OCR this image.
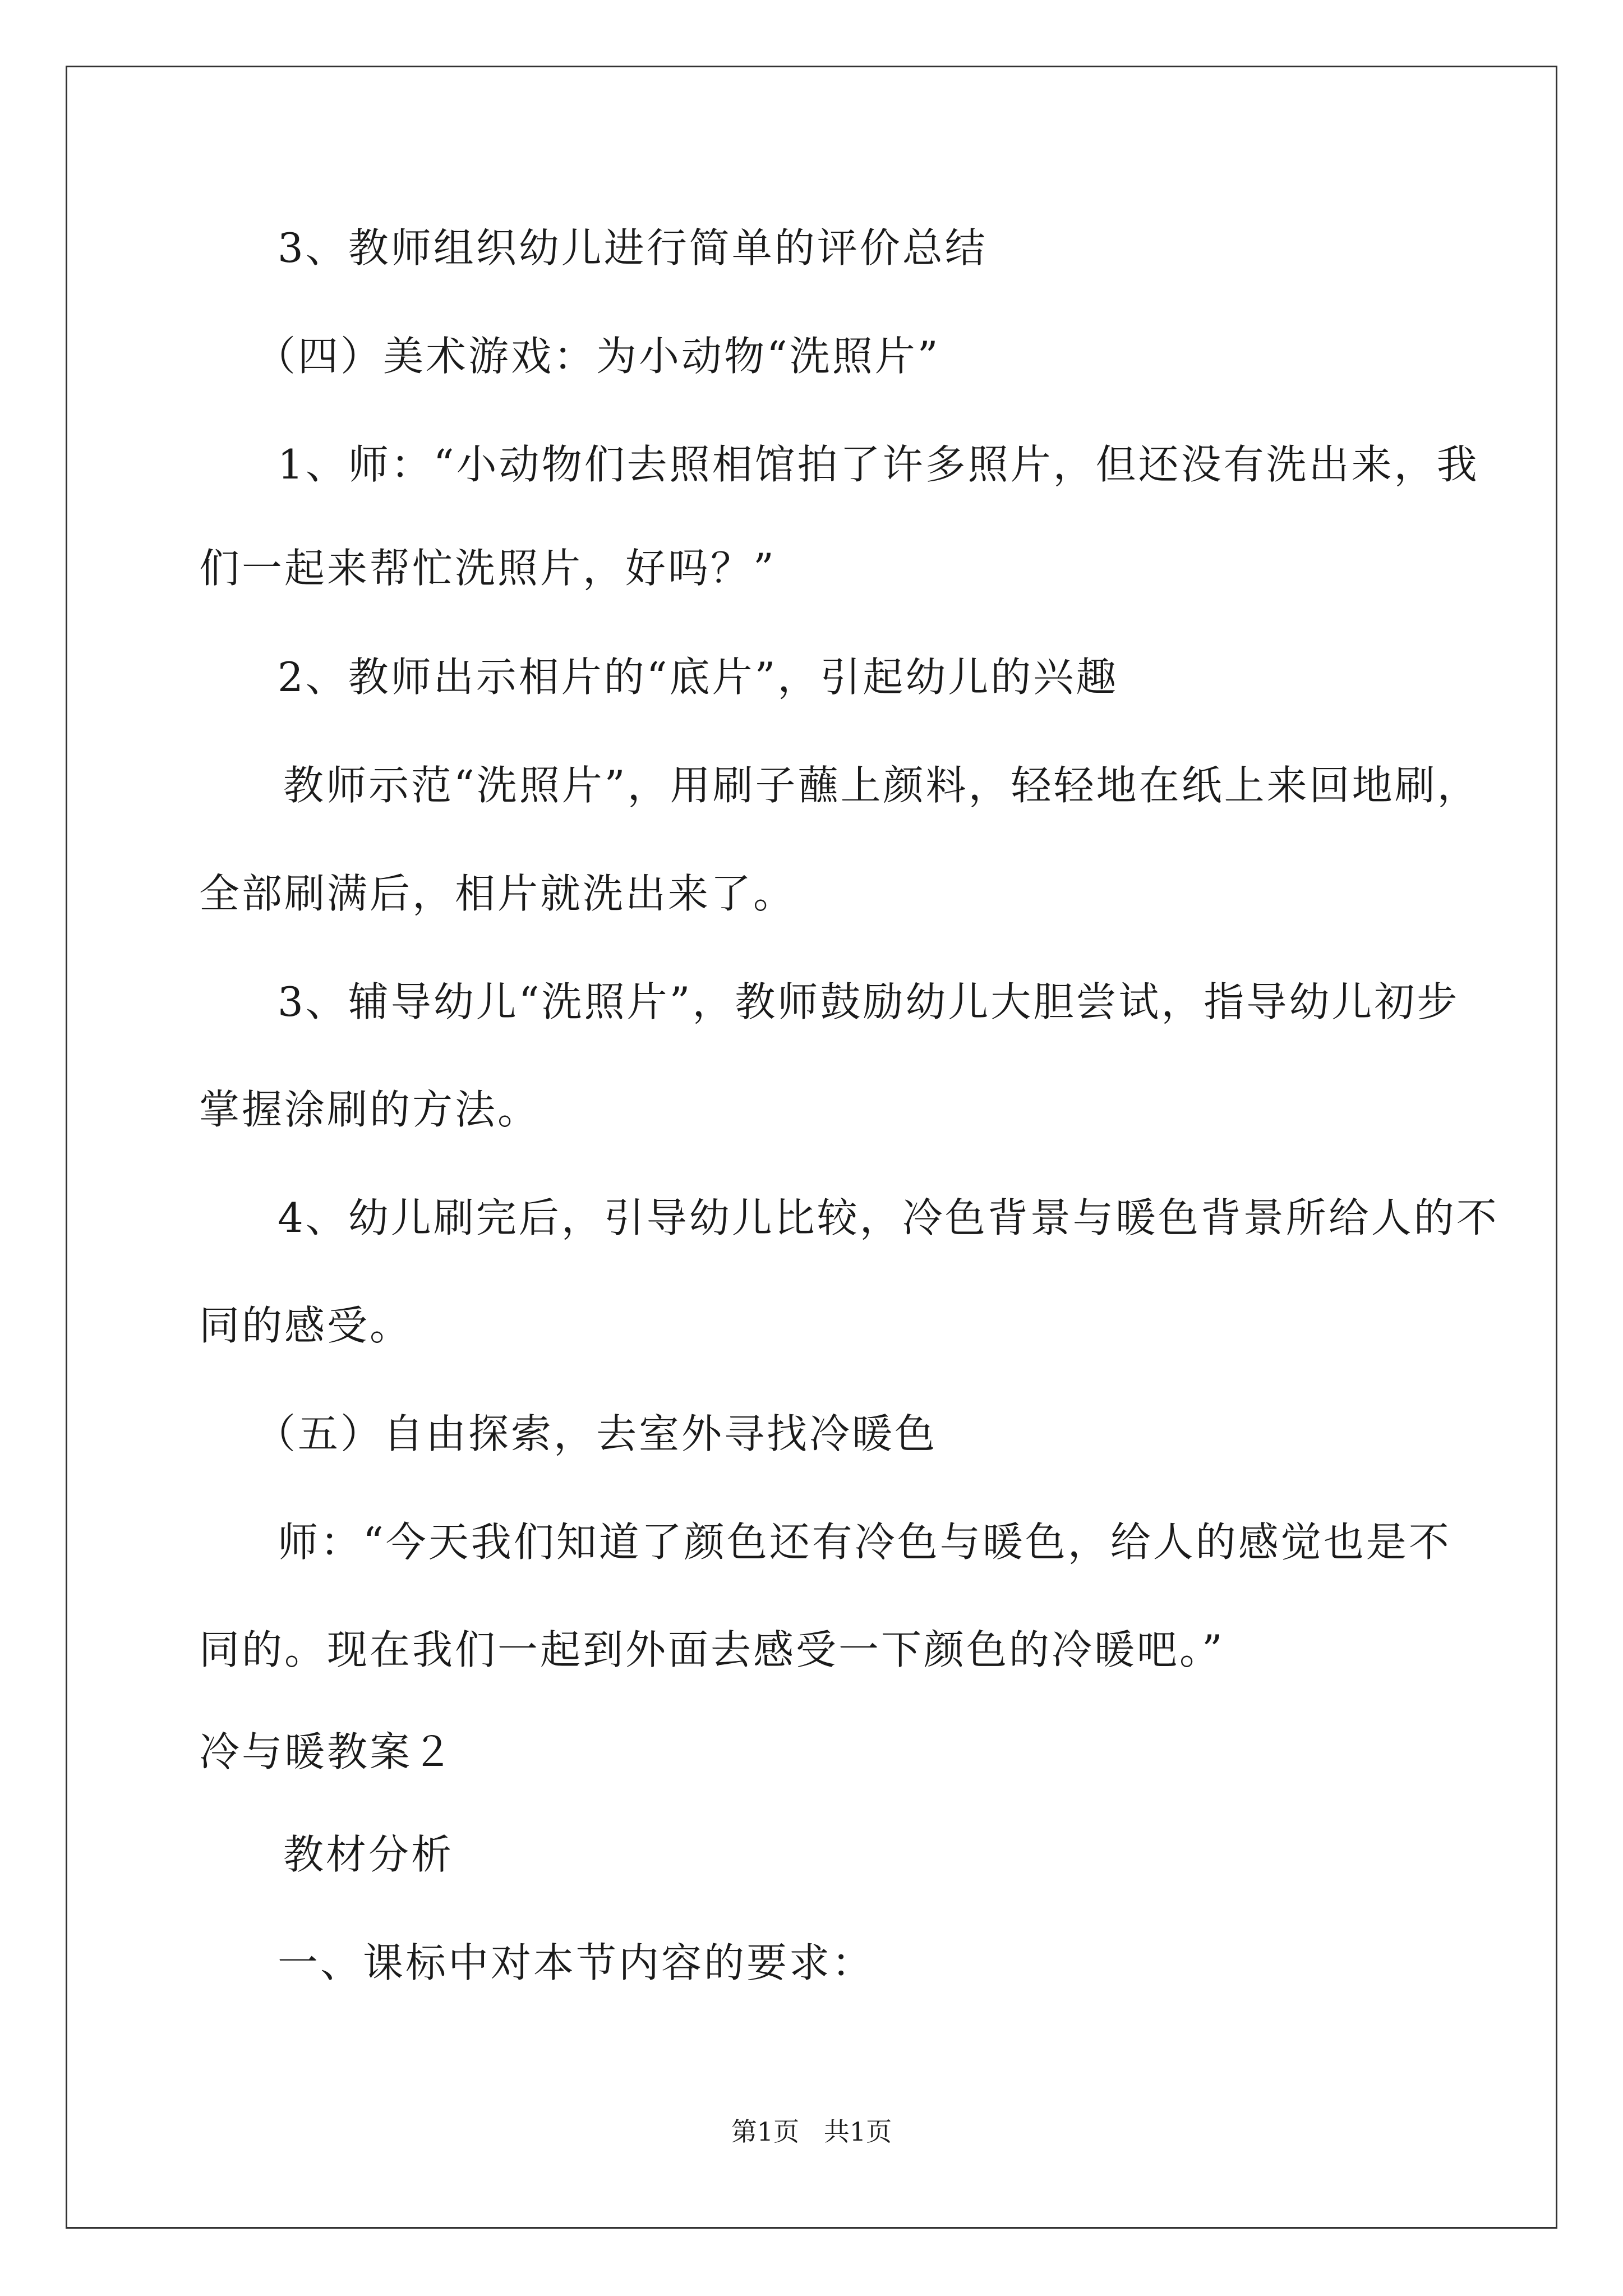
3、教师组织幼儿进行简单的评价总结
（四）美术游戏：为小动物“洗照片”
1、师：“小动物们去照相馆拍了许多照片，但还没有洗出来，我
们一起来帮忙洗照片，好吗？”
2、教师出示相片的“底片”，引起幼儿的兴趣
教师示范“洗照片”，用刷子蘸上颜料，轻轻地在纸上来回地刷，
全部刷满后，相片就洗出来了。
3、辅导幼儿“洗照片”，教师鼓励幼儿大胆尝试，指导幼儿初步
掌握涂刷的方法。
4、幼儿刷完后，引导幼儿比较，冷色背景与暖色背景所给人的不
同的感受。
（五）自由探索，去室外寻找冷暖色
师：“今天我们知道了颜色还有冷色与暖色，给人的感觉也是不
同的。现在我们一起到外面去感受一下颜色的冷暖吧。”
冷与暖教案２
教材分析
一、课标中对本节内容的要求：
第1页   共1页
